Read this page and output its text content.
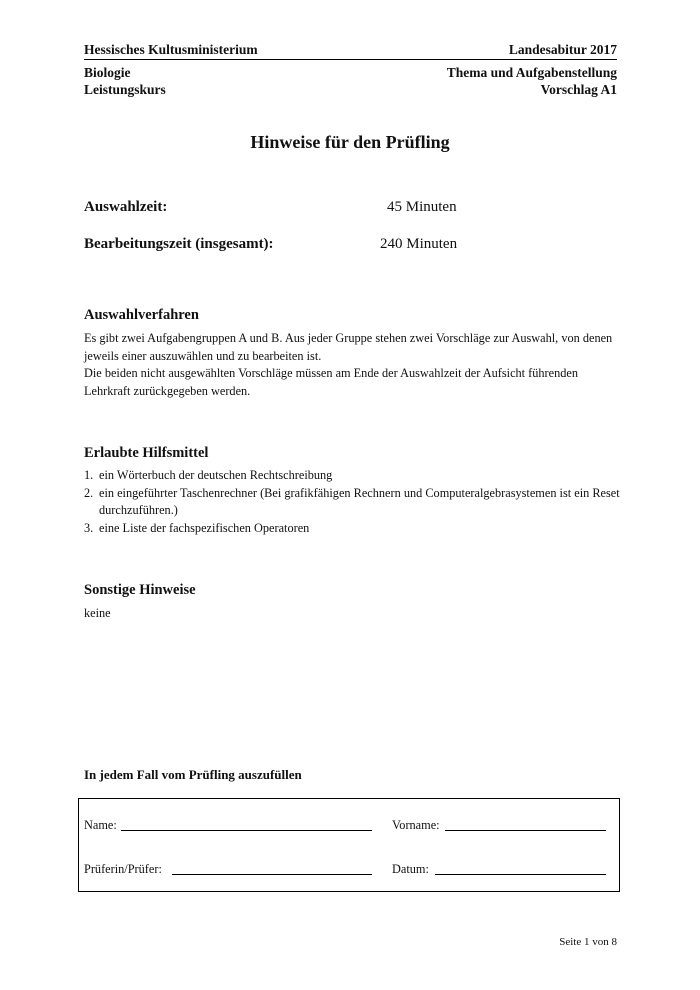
Hessisches Kultusministerium	Landesabitur 2017
Biologie
Leistungskurs
Thema und Aufgabenstellung
Vorschlag A1
Hinweise für den Prüfling
Auswahlzeit:	45 Minuten
Bearbeitungszeit (insgesamt):	240 Minuten
Auswahlverfahren

Es gibt zwei Aufgabengruppen A und B. Aus jeder Gruppe stehen zwei Vorschläge zur Auswahl, von denen jeweils einer auszuwählen und zu bearbeiten ist.

Die beiden nicht ausgewählten Vorschläge müssen am Ende der Auswahlzeit der Aufsicht führenden Lehrkraft zurückgegeben werden.

Erlaubte Hilfsmittel
1. ein Wörterbuch der deutschen Rechtschreibung
2. ein eingeführter Taschenrechner (Bei grafikfähigen Rechnern und Computeralgebrasystemen ist ein Reset durchzuführen.)
3. eine Liste der fachspezifischen Operatoren
Sonstige Hinweise
keine
In jedem Fall vom Prüfling auszufüllen
Name:	Vorname:
Prüferin/Prüfer:	Datum:
Seite 1 von 8
